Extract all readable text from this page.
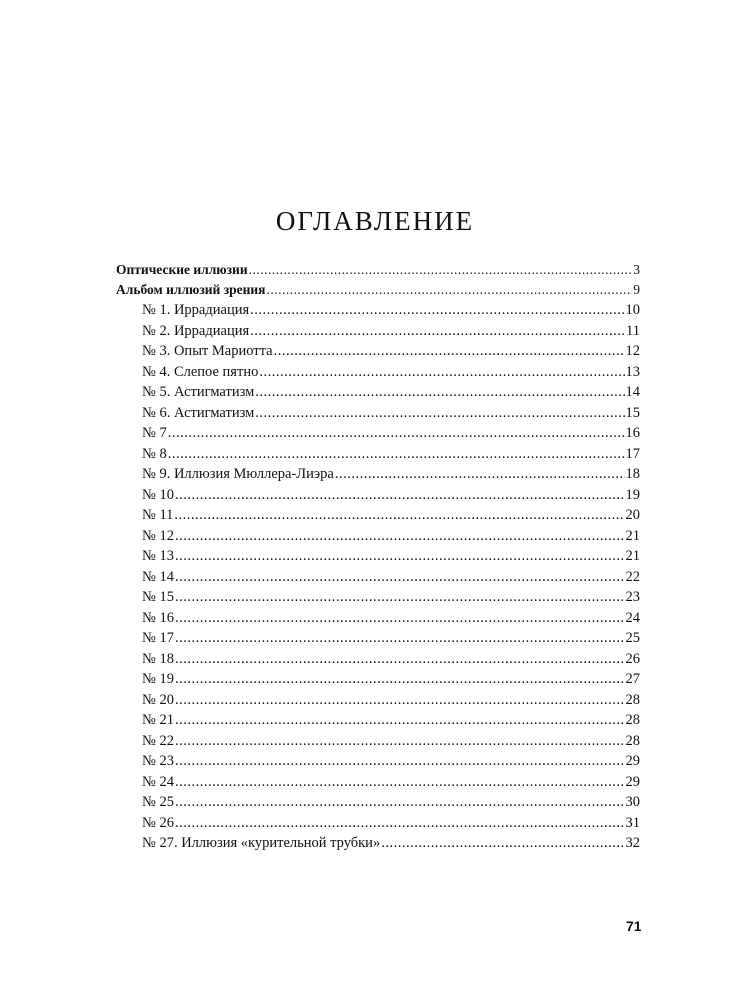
ОГЛАВЛЕНИЕ
Оптические иллюзии .....	3
Альбом иллюзий зрения .....	9
№ 1. Иррадиация .....	10
№ 2. Иррадиация .....	11
№ 3. Опыт Мариотта .....	12
№ 4. Слепое пятно .....	13
№ 5. Астигматизм .....	14
№ 6. Астигматизм .....	15
№ 7 .....	16
№ 8 .....	17
№ 9. Иллюзия Мюллера-Лиэра .....	18
№ 10 .....	19
№ 11 .....	20
№ 12 .....	21
№ 13 .....	21
№ 14 .....	22
№ 15 .....	23
№ 16 .....	24
№ 17 .....	25
№ 18 .....	26
№ 19 .....	27
№ 20 .....	28
№ 21 .....	28
№ 22 .....	28
№ 23 .....	29
№ 24 .....	29
№ 25 .....	30
№ 26 .....	31
№ 27. Иллюзия «курительной трубки» .....	32
71
